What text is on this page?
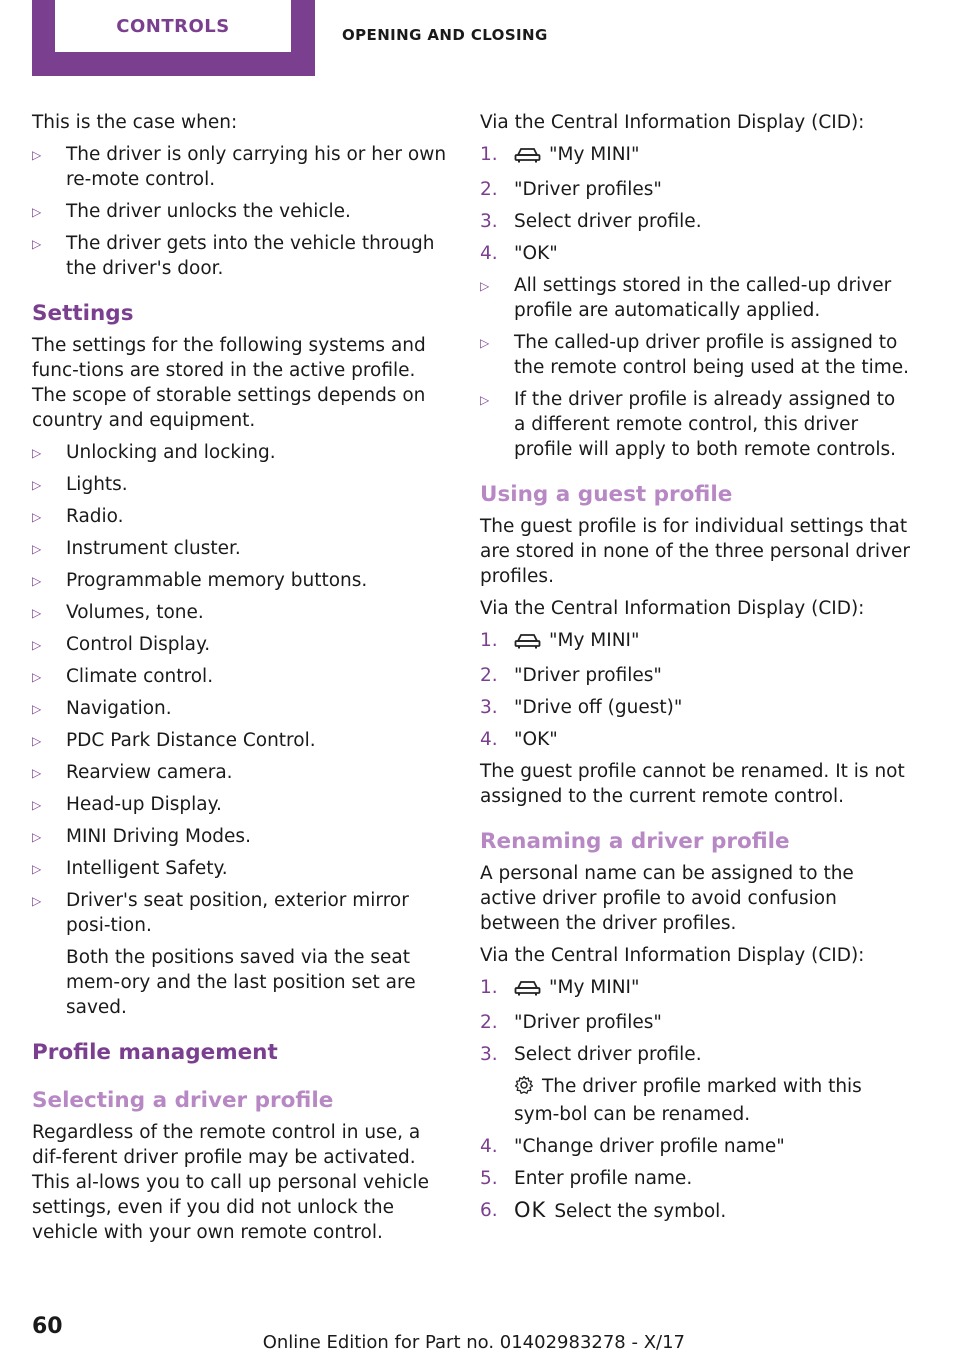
CONTROLS	OPENING AND CLOSING

This is the case when:

▷ The driver is only carrying his or her own re‐mote control.
▷ The driver unlocks the vehicle.
▷ The driver gets into the vehicle through the driver's door.
Settings

The settings for the following systems and func‐tions are stored in the active profile. The scope of storable settings depends on country and equipment.

▷ Unlocking and locking.
▷ Lights.
▷ Radio.
▷ Instrument cluster.
▷ Programmable memory buttons.
▷ Volumes, tone.
▷ Control Display.
▷ Climate control.
▷ Navigation.
▷ PDC Park Distance Control.
▷ Rearview camera.
▷ Head-up Display.
▷ MINI Driving Modes.
▷ Intelligent Safety.
▷ Driver's seat position, exterior mirror posi‐tion.
Both the positions saved via the seat mem‐ory and the last position set are saved.
Profile management
Selecting a driver profile

Regardless of the remote control in use, a dif‐ferent driver profile may be activated. This al‐lows you to call up personal vehicle settings, even if you did not unlock the vehicle with your own remote control.

Via the Central Information Display (CID):

1.	"My MINI"
2. "Driver profiles"
3. Select driver profile.
4. "OK"
▷ All settings stored in the called-up driver profile are automatically applied.
▷ The called-up driver profile is assigned to the remote control being used at the time.
▷ If the driver profile is already assigned to a different remote control, this driver profile will apply to both remote controls.
Using a guest profile

The guest profile is for individual settings that are stored in none of the three personal driver profiles.

Via the Central Information Display (CID):

1.	"My MINI"
2. "Driver profiles"
3. "Drive off (guest)"
4. "OK"

The guest profile cannot be renamed. It is not assigned to the current remote control.

Renaming a driver profile

A personal name can be assigned to the active driver profile to avoid confusion between the driver profiles.

Via the Central Information Display (CID):

1.	"My MINI"
2. "Driver profiles"
3. Select driver profile.
The driver profile marked with this sym‐bol can be renamed.
4. "Change driver profile name"
5. Enter profile name.
6. OK Select the symbol.
60
Online Edition for Part no. 01402983278 - X/17
